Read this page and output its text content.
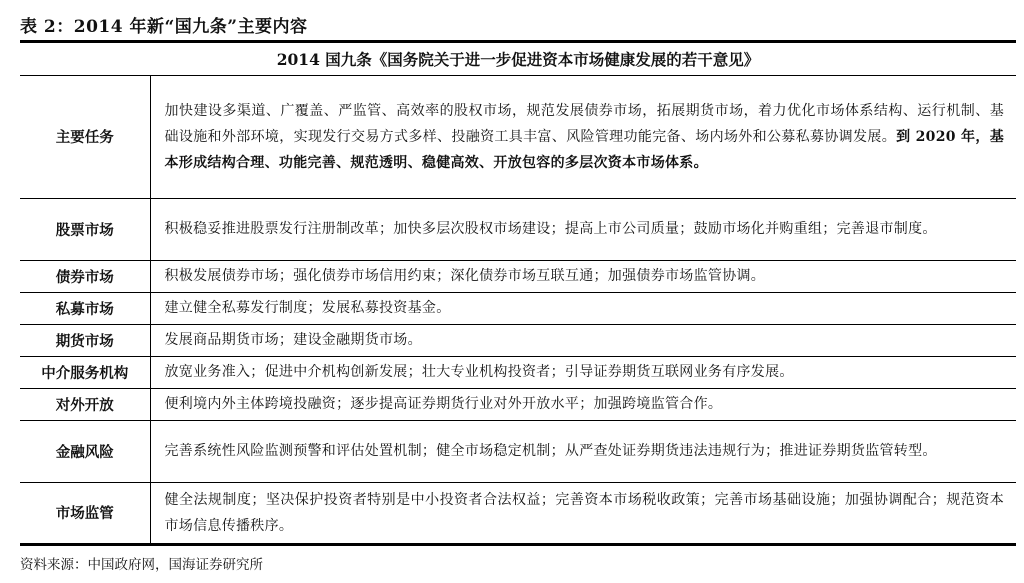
表 2：2014 年新“国九条”主要内容
2014 国九条《国务院关于进一步促进资本市场健康发展的若干意见》
主要任务	加快建设多渠道、广覆盖、严监管、高效率的股权市场，规范发展债券市场，拓展期货市场，着力优化市场体系结构、运行机制、基础设施和外部环境，实现发行交易方式多样、投融资工具丰富、风险管理功能完备、场内场外和公募私募协调发展。到 2020 年，基本形成结构合理、功能完善、规范透明、稳健高效、开放包容的多层次资本市场体系。
股票市场	积极稳妥推进股票发行注册制改革；加快多层次股权市场建设；提高上市公司质量；鼓励市场化并购重组；完善退市制度。
债券市场	积极发展债券市场；强化债券市场信用约束；深化债券市场互联互通；加强债券市场监管协调。
私募市场	建立健全私募发行制度；发展私募投资基金。
期货市场	发展商品期货市场；建设金融期货市场。
中介服务机构	放宽业务准入；促进中介机构创新发展；壮大专业机构投资者；引导证券期货互联网业务有序发展。
对外开放	便利境内外主体跨境投融资；逐步提高证券期货行业对外开放水平；加强跨境监管合作。
金融风险	完善系统性风险监测预警和评估处置机制；健全市场稳定机制；从严查处证券期货违法违规行为；推进证券期货监管转型。
市场监管	健全法规制度；坚决保护投资者特别是中小投资者合法权益；完善资本市场税收政策；完善市场基础设施；加强协调配合；规范资本市场信息传播秩序。
资料来源：中国政府网，国海证券研究所
